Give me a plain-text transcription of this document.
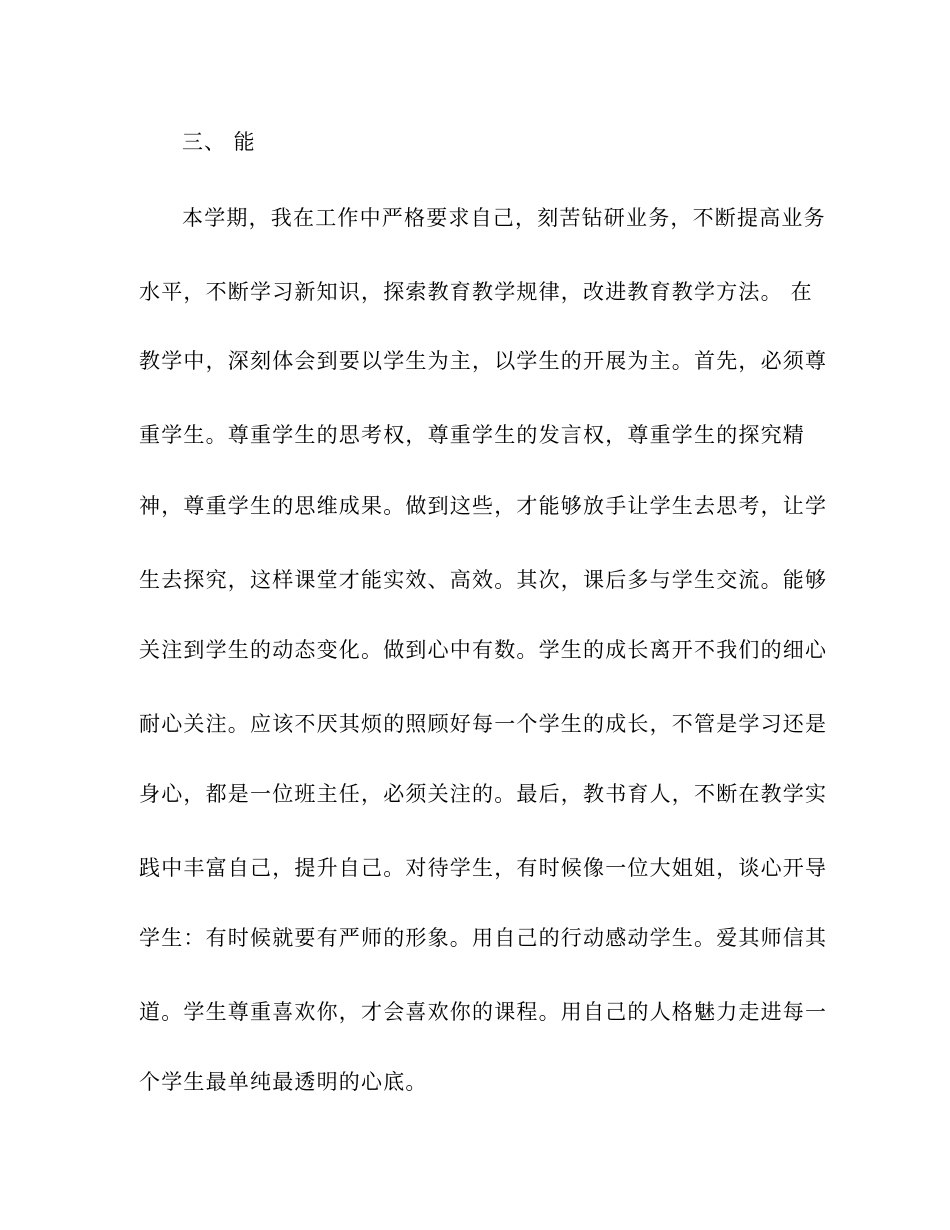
三、 能
本学期，我在工作中严格要求自己，刻苦钻研业务，不断提高业务
水平，不断学习新知识，探索教育教学规律，改进教育教学方法。 在
教学中，深刻体会到要以学生为主，以学生的开展为主。首先，必须尊
重学生。尊重学生的思考权，尊重学生的发言权，尊重学生的探究精
神，尊重学生的思维成果。做到这些，才能够放手让学生去思考，让学
生去探究，这样课堂才能实效、高效。其次，课后多与学生交流。能够
关注到学生的动态变化。做到心中有数。学生的成长离开不我们的细心
耐心关注。应该不厌其烦的照顾好每一个学生的成长，不管是学习还是
身心，都是一位班主任，必须关注的。最后，教书育人，不断在教学实
践中丰富自己，提升自己。对待学生，有时候像一位大姐姐，谈心开导
学生：有时候就要有严师的形象。用自己的行动感动学生。爱其师信其
道。学生尊重喜欢你，才会喜欢你的课程。用自己的人格魅力走进每一
个学生最单纯最透明的心底。
